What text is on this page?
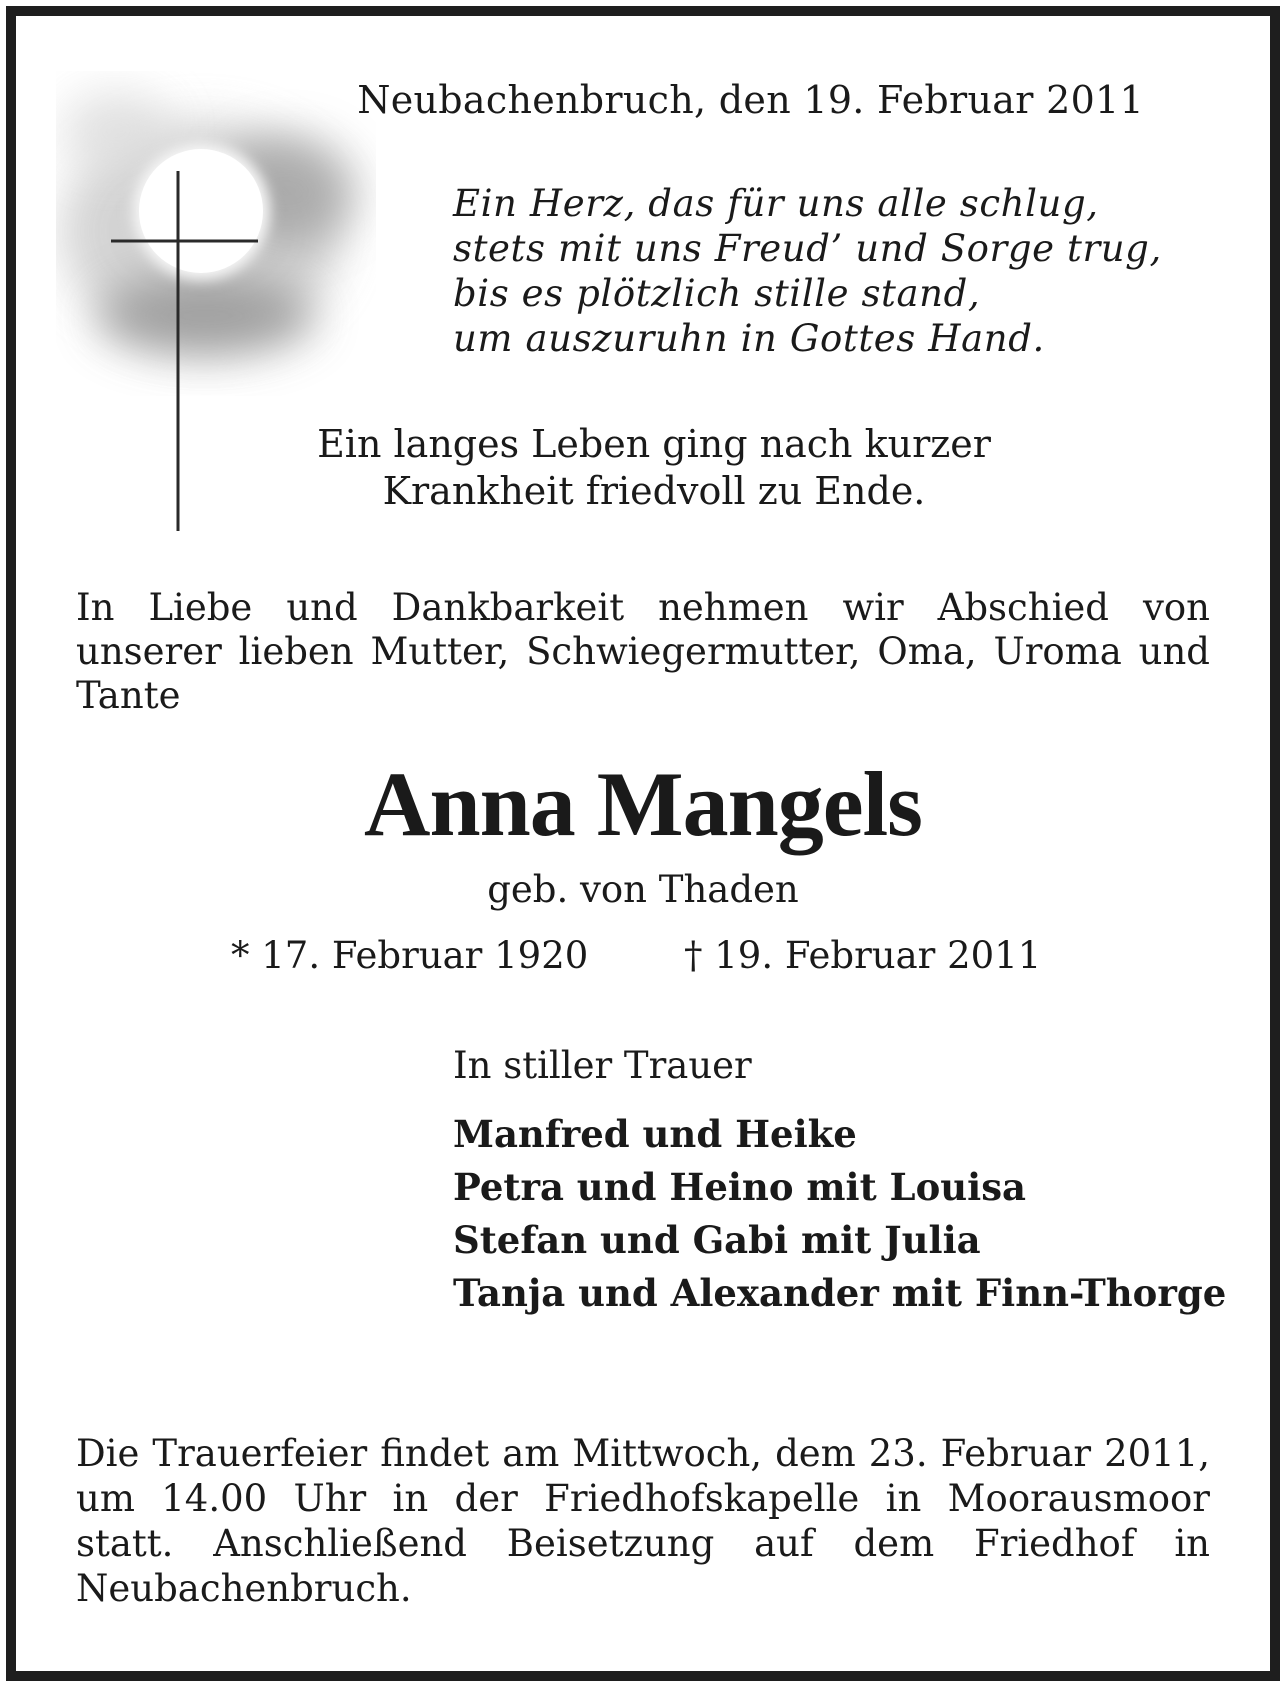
Neubachenbruch, den 19. Februar 2011
Ein Herz, das für uns alle schlug,
stets mit uns Freud’ und Sorge trug,
bis es plötzlich stille stand,
um auszuruhn in Gottes Hand.
Ein langes Leben ging nach kurzer
Krankheit friedvoll zu Ende.
In Liebe und Dankbarkeit nehmen wir Abschied von unserer lieben Mutter, Schwiegermutter, Oma, Uroma und Tante
Anna Mangels
geb. von Thaden
* 17. Februar 1920	† 19. Februar 2011
In stiller Trauer
Manfred und Heike
Petra und Heino mit Louisa
Stefan und Gabi mit Julia
Tanja und Alexander mit Finn-Thorge
Die Trauerfeier findet am Mittwoch, dem 23. Februar 2011, um 14.00 Uhr in der Friedhofskapelle in Moorausmoor statt. Anschließend Beisetzung auf dem Friedhof in Neubachenbruch.
